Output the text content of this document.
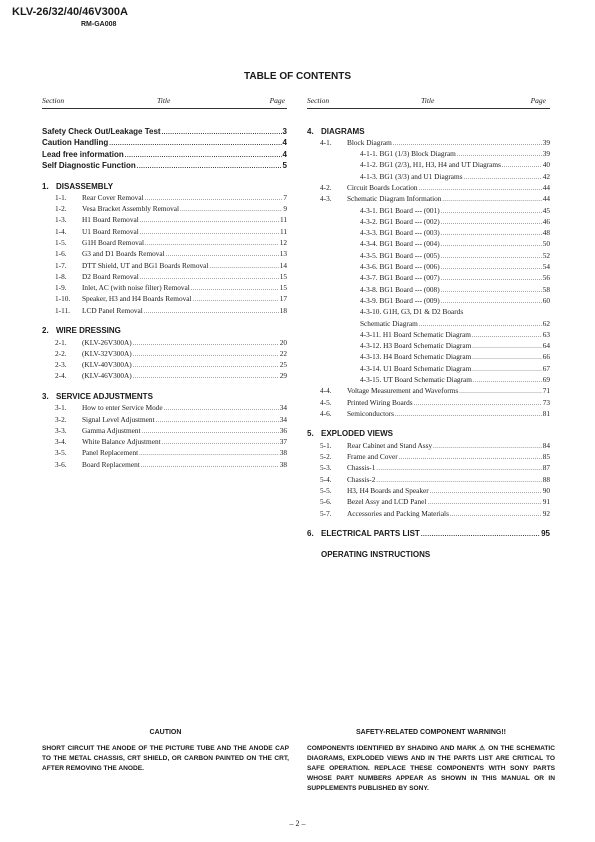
KLV-26/32/40/46V300A
RM-GA008
TABLE OF CONTENTS
Section	Title	Page
Safety Check Out/Leakage Test .....	3
Caution Handling .....	4
Lead free information .....	4
Self Diagnostic Function .....	5
1. DISASSEMBLY
1-1.	Rear Cover Removal .....	7
1-2.	Vesa Bracket Assembly Removal .....	9
1-3.	H1 Board Removal .....	11
1-4.	U1 Board Removal .....	11
1-5.	G1H Board Removal .....	12
1-6.	G3 and D1 Boards Removal .....	13
1-7.	DTT Shield, UT and BG1 Boards Removal .....	14
1-8.	D2 Board Removal .....	15
1-9.	Inlet, AC (with noise filter) Removal .....	15
1-10.	Speaker, H3 and H4 Boards Removal .....	17
1-11.	LCD Panel Removal .....	18
2. WIRE DRESSING
2-1.	(KLV-26V300A) .....	20
2-2.	(KLV-32V300A) .....	22
2-3.	(KLV-40V300A) .....	25
2-4.	(KLV-46V300A) .....	29
3. SERVICE ADJUSTMENTS
3-1.	How to enter Service Mode .....	34
3-2.	Signal Level Adjustment .....	34
3-3.	Gamma Adjustment .....	36
3-4.	White Balance Adjustment .....	37
3-5.	Panel Replacement .....	38
3-6.	Board Replacement .....	38
Section	Title	Page
4. DIAGRAMS
4-1.	Block Diagram .....	39
4-1-1. BG1 (1/3) Block Diagram .....	39
4-1-2. BG1 (2/3), H1, H3, H4 and UT Diagrams .....	40
4-1-3. BG1 (3/3) and U1 Diagrams .....	42
4-2.	Circuit Boards Location .....	44
4-3.	Schematic Diagram Information .....	44
4-3-1. BG1 Board --- (001) .....	45
4-3-2. BG1 Board --- (002) .....	46
4-3-3. BG1 Board --- (003) .....	48
4-3-4. BG1 Board --- (004) .....	50
4-3-5. BG1 Board --- (005) .....	52
4-3-6. BG1 Board --- (006) .....	54
4-3-7. BG1 Board --- (007) .....	56
4-3-8. BG1 Board --- (008) .....	58
4-3-9. BG1 Board --- (009) .....	60
4-3-10. G1H, G3, D1 & D2 Boards
Schematic Diagram .....	62
4-3-11. H1 Board Schematic Diagram .....	63
4-3-12. H3 Board Schematic Diagram .....	64
4-3-13. H4 Board Schematic Diagram .....	66
4-3-14. U1 Board Schematic Diagram .....	67
4-3-15. UT Board Schematic Diagram .....	69
4-4.	Voltage Measurement and Waveforms .....	71
4-5.	Printed Wiring Boards .....	73
4-6.	Semiconductors .....	81
5. EXPLODED VIEWS
5-1.	Rear Cabinet and Stand Assy .....	84
5-2.	Frame and Cover .....	85
5-3.	Chassis-1 .....	87
5-4.	Chassis-2 .....	88
5-5.	H3, H4 Boards and Speaker .....	90
5-6.	Bezel Assy and LCD Panel .....	91
5-7.	Accessories and Packing Materials .....	92
6. ELECTRICAL PARTS LIST .....	95
OPERATING INSTRUCTIONS
CAUTION

SHORT CIRCUIT THE ANODE OF THE PICTURE TUBE AND THE ANODE CAP TO THE METAL CHASSIS, CRT SHIELD, OR CARBON PAINTED ON THE CRT, AFTER REMOVING THE ANODE.

SAFETY-RELATED COMPONENT WARNING!!

COMPONENTS IDENTIFIED BY SHADING AND MARK ⚠ ON THE SCHEMATIC DIAGRAMS, EXPLODED VIEWS AND IN THE PARTS LIST ARE CRITICAL TO SAFE OPERATION. REPLACE THESE COMPONENTS WITH SONY PARTS WHOSE PART NUMBERS APPEAR AS SHOWN IN THIS MANUAL OR IN SUPPLEMENTS PUBLISHED BY SONY.

– 2 –
